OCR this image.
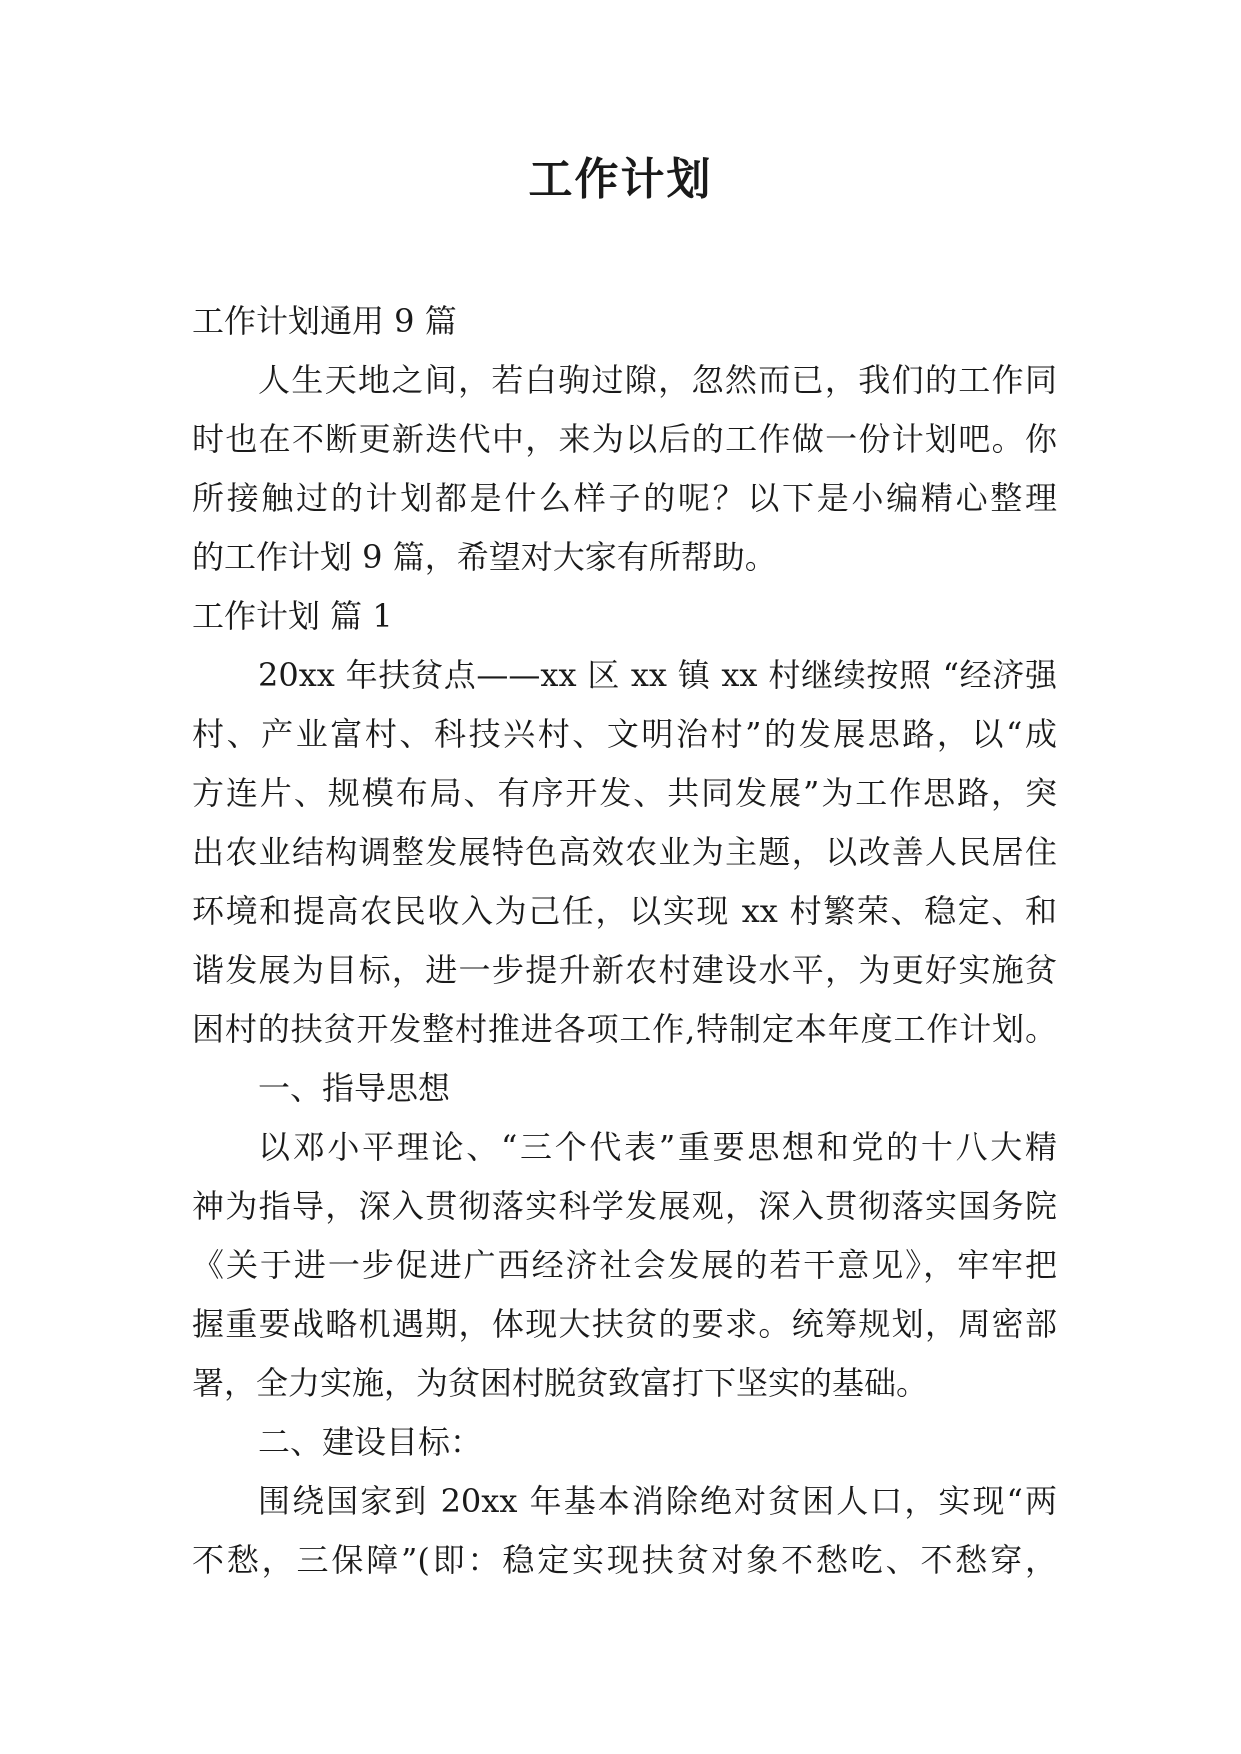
工作计划
工作计划通用 9 篇
人生天地之间，若白驹过隙，忽然而已，我们的工作同
时也在不断更新迭代中，来为以后的工作做一份计划吧。你
所接触过的计划都是什么样子的呢？以下是小编精心整理
的工作计划 9 篇，希望对大家有所帮助。
工作计划 篇 1
20xx 年扶贫点——xx 区 xx 镇 xx 村继续按照 “经济强
村、产业富村、科技兴村、文明治村”的发展思路，以“成
方连片、规模布局、有序开发、共同发展”为工作思路，突
出农业结构调整发展特色高效农业为主题，以改善人民居住
环境和提高农民收入为己任，以实现 xx 村繁荣、稳定、和
谐发展为目标，进一步提升新农村建设水平，为更好实施贫
困村的扶贫开发整村推进各项工作,特制定本年度工作计划。
一、指导思想
以邓小平理论、“三个代表”重要思想和党的十八大精
神为指导，深入贯彻落实科学发展观，深入贯彻落实国务院
《关于进一步促进广西经济社会发展的若干意见》，牢牢把
握重要战略机遇期，体现大扶贫的要求。统筹规划，周密部
署，全力实施，为贫困村脱贫致富打下坚实的基础。
二、建设目标：
围绕国家到 20xx 年基本消除绝对贫困人口，实现“两
不愁，三保障”(即：稳定实现扶贫对象不愁吃、不愁穿，
